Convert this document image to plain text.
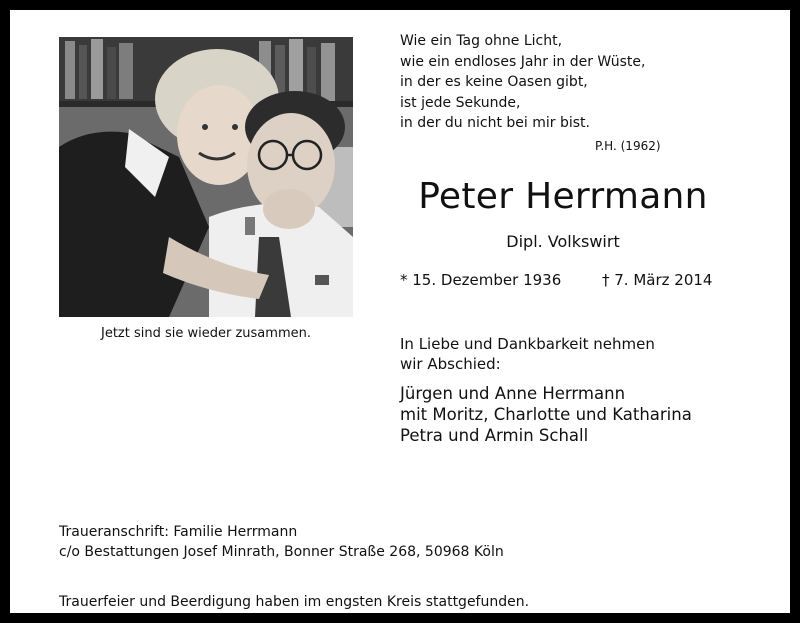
Jetzt sind sie wieder zusammen.
Wie ein Tag ohne Licht,
wie ein endloses Jahr in der Wüste,
in der es keine Oasen gibt,
ist jede Sekunde,
in der du nicht bei mir bist.
P.H. (1962)
Peter Herrmann
Dipl. Volkswirt
* 15. Dezember 1936	† 7. März 2014
In Liebe und Dankbarkeit nehmen
wir Abschied:
Jürgen und Anne Herrmann
mit Moritz, Charlotte und Katharina
Petra und Armin Schall
Traueranschrift: Familie Herrmann
c/o Bestattungen Josef Minrath, Bonner Straße 268, 50968 Köln
Trauerfeier und Beerdigung haben im engsten Kreis stattgefunden.
